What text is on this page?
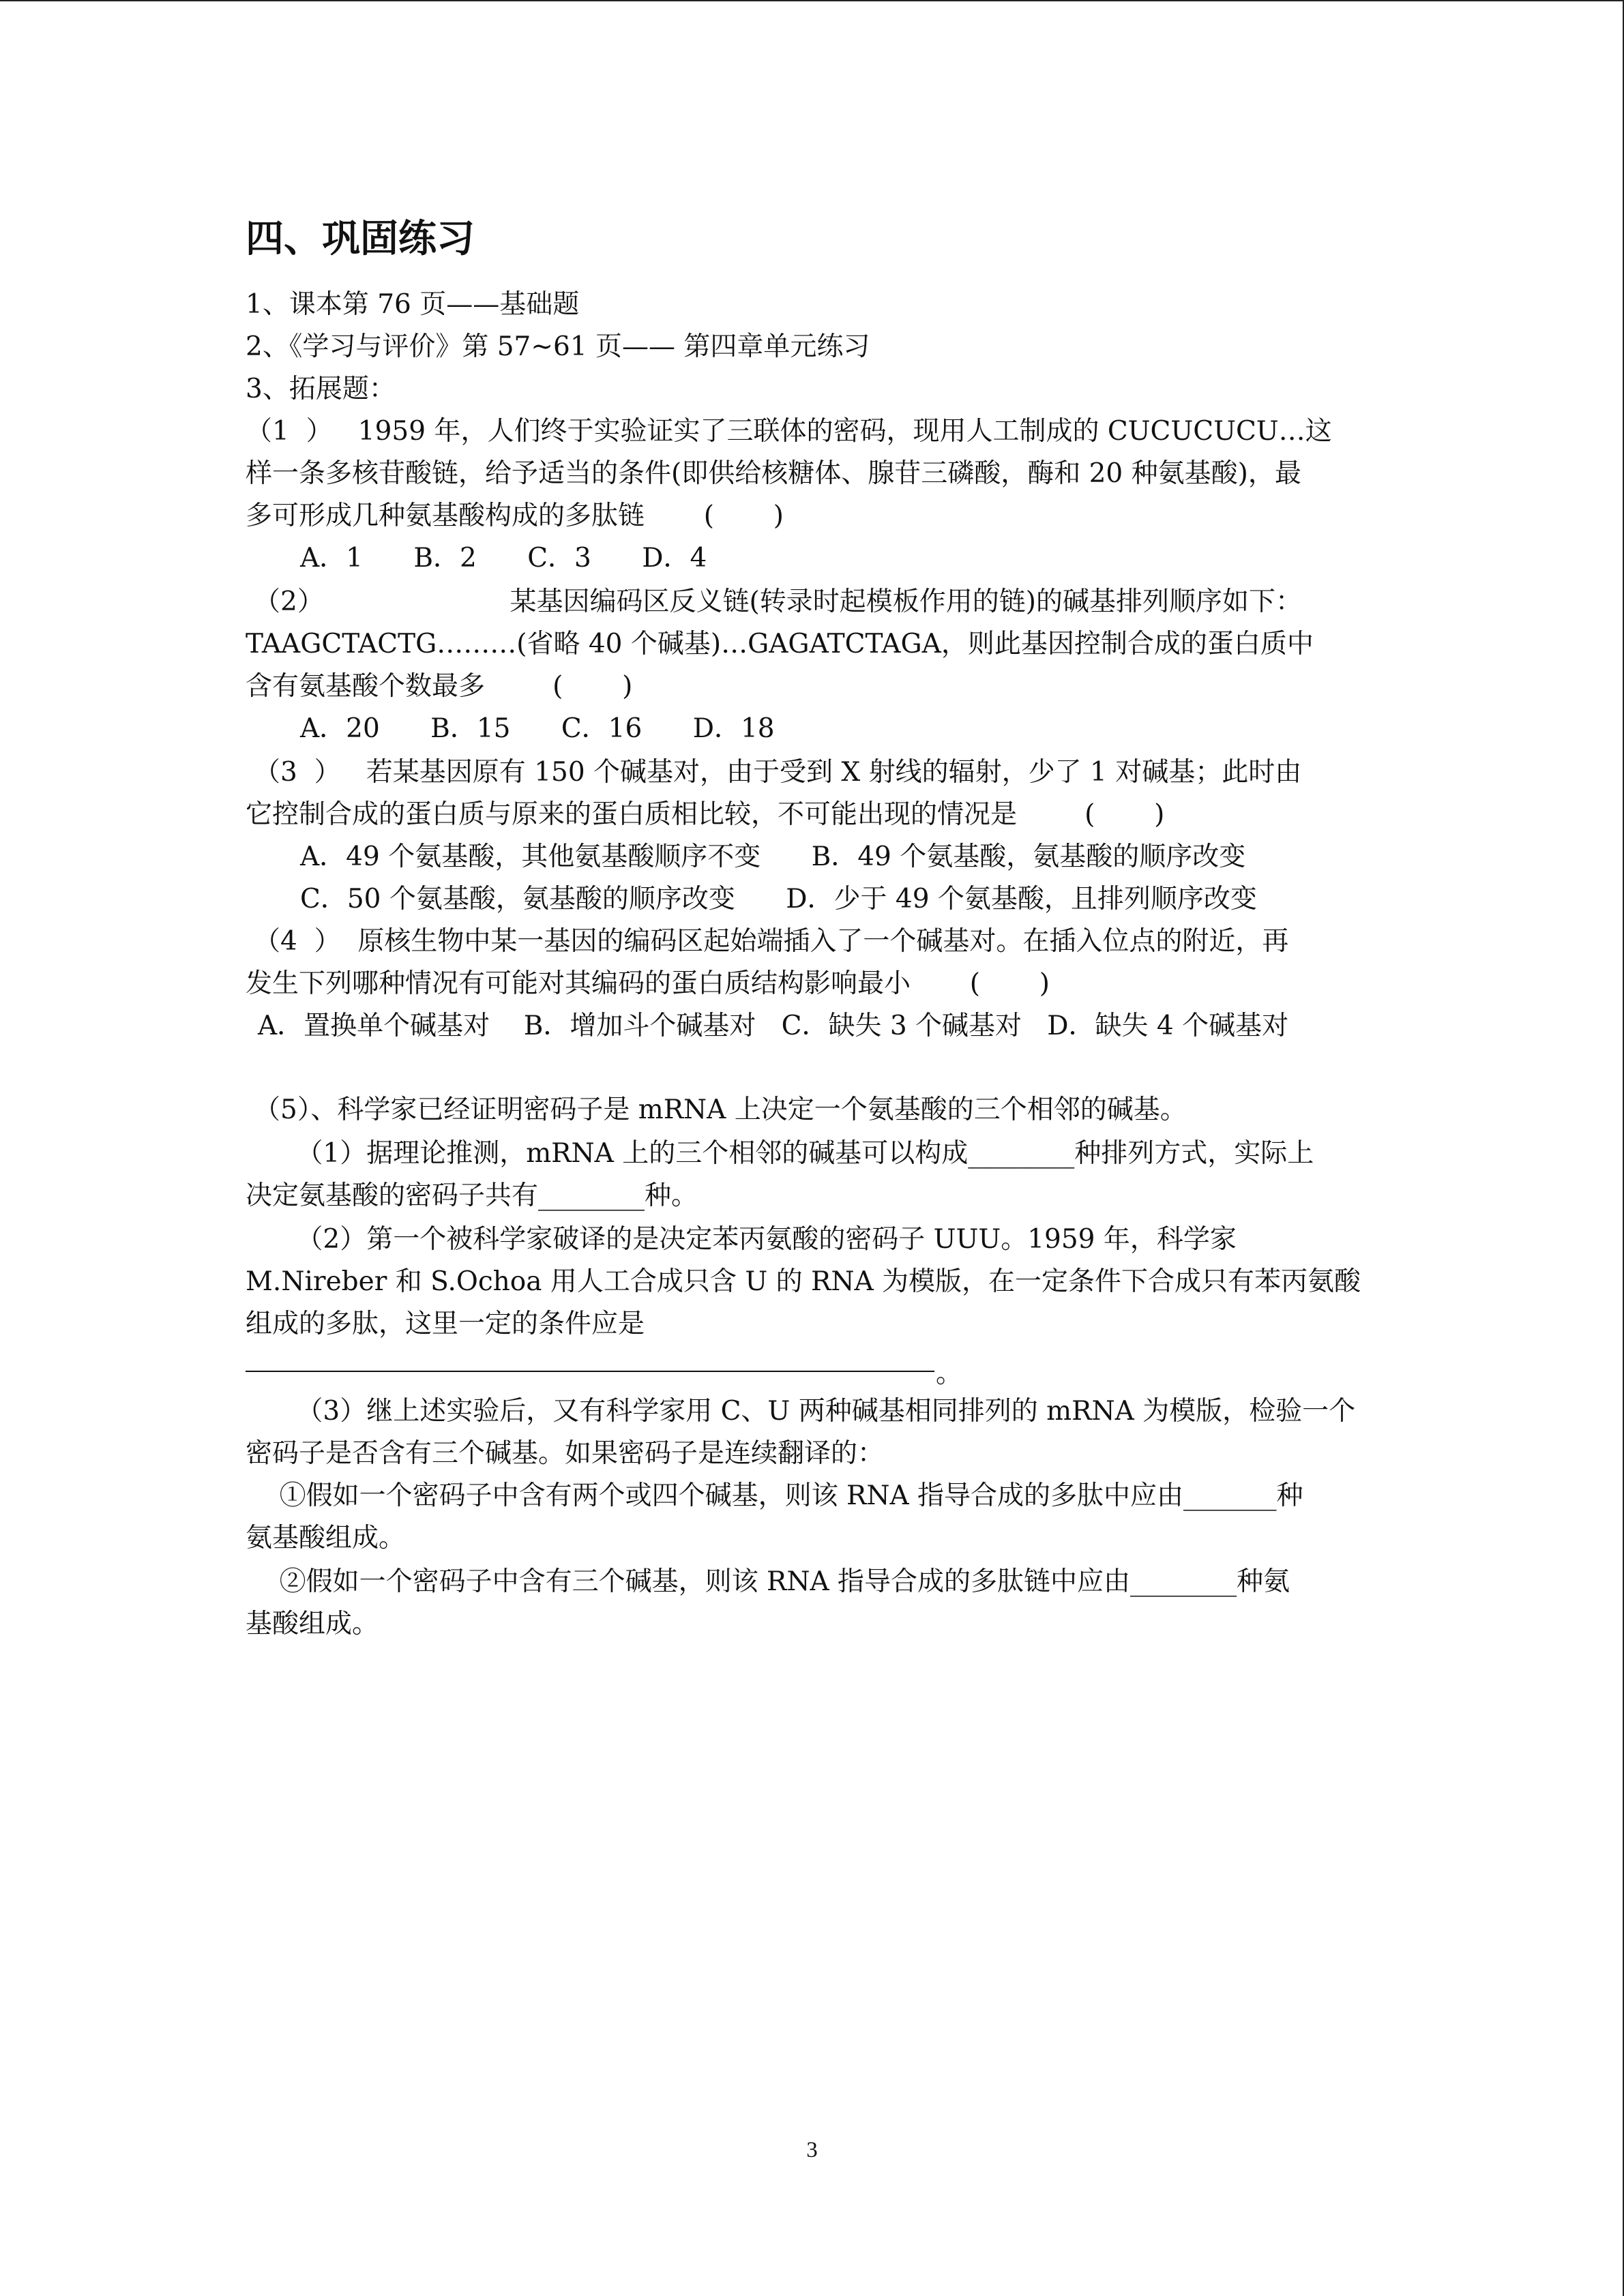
四、巩固练习

1、课本第 76 页——基础题

2、《学习与评价》第 57~61 页—— 第四章单元练习

3、拓展题：

（1  ）   1959 年，人们终于实验证实了三联体的密码，现用人工制成的 CUCUCUCU…这

样一条多核苷酸链，给予适当的条件(即供给核糖体、腺苷三磷酸，酶和 20 种氨基酸)，最

多可形成几种氨基酸构成的多肽链       (       )

A．1      B．2      C．3      D．4

（2）                      某基因编码区反义链(转录时起模板作用的链)的碱基排列顺序如下：

TAAGCTACTG………(省略 40 个碱基)…GAGATCTAGA，则此基因控制合成的蛋白质中

含有氨基酸个数最多        (       )

A．20      B．15      C．16      D．18

（3  ）   若某基因原有 150 个碱基对，由于受到 X 射线的辐射，少了 1 对碱基；此时由

它控制合成的蛋白质与原来的蛋白质相比较，不可能出现的情况是        (       )

A．49 个氨基酸，其他氨基酸顺序不变      B．49 个氨基酸，氨基酸的顺序改变

C．50 个氨基酸，氨基酸的顺序改变      D．少于 49 个氨基酸，且排列顺序改变

（4  ）  原核生物中某一基因的编码区起始端插入了一个碱基对。在插入位点的附近，再

发生下列哪种情况有可能对其编码的蛋白质结构影响最小       (       )

A．置换单个碱基对    B．增加斗个碱基对   C．缺失 3 个碱基对   D．缺失 4 个碱基对

（5）、科学家已经证明密码子是 mRNA 上决定一个氨基酸的三个相邻的碱基。

（1）据理论推测，mRNA 上的三个相邻的碱基可以构成________种排列方式，实际上

决定氨基酸的密码子共有________种。

（2）第一个被科学家破译的是决定苯丙氨酸的密码子 UUU。1959 年，科学家

M.Nireber 和 S.Ochoa 用人工合成只含 U 的 RNA 为模版，在一定条件下合成只有苯丙氨酸

组成的多肽，这里一定的条件应是

。

（3）继上述实验后，又有科学家用 C、U 两种碱基相同排列的 mRNA 为模版，检验一个

密码子是否含有三个碱基。如果密码子是连续翻译的：

①假如一个密码子中含有两个或四个碱基，则该 RNA 指导合成的多肽中应由_______种

氨基酸组成。

②假如一个密码子中含有三个碱基，则该 RNA 指导合成的多肽链中应由________种氨

基酸组成。

3
